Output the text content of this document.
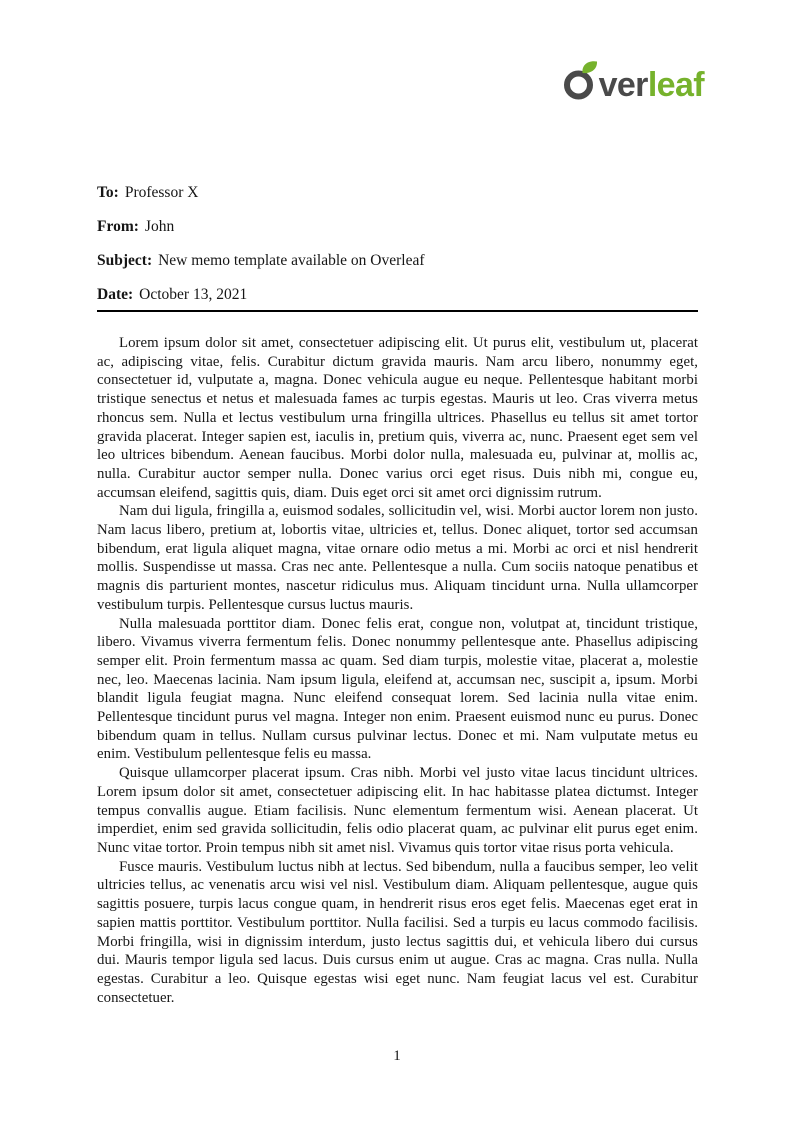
verleaf

To: Professor X

From: John

Subject: New memo template available on Overleaf

Date: October 13, 2021

Lorem ipsum dolor sit amet, consectetuer adipiscing elit. Ut purus elit, vestibulum ut, placerat ac, adipiscing vitae, felis. Curabitur dictum gravida mauris. Nam arcu libero, nonummy eget, consectetuer id, vulputate a, magna. Donec vehicula augue eu neque. Pellentesque habitant morbi tristique senectus et netus et malesuada fames ac turpis egestas. Mauris ut leo. Cras viverra metus rhoncus sem. Nulla et lectus vestibulum urna fringilla ultrices. Phasellus eu tellus sit amet tortor gravida placerat. Integer sapien est, iaculis in, pretium quis, viverra ac, nunc. Praesent eget sem vel leo ultrices bibendum. Aenean faucibus. Morbi dolor nulla, malesuada eu, pulvinar at, mollis ac, nulla. Curabitur auctor semper nulla. Donec varius orci eget risus. Duis nibh mi, congue eu, accumsan eleifend, sagittis quis, diam. Duis eget orci sit amet orci dignissim rutrum.

Nam dui ligula, fringilla a, euismod sodales, sollicitudin vel, wisi. Morbi auctor lorem non justo. Nam lacus libero, pretium at, lobortis vitae, ultricies et, tellus. Donec aliquet, tortor sed accumsan bibendum, erat ligula aliquet magna, vitae ornare odio metus a mi. Morbi ac orci et nisl hendrerit mollis. Suspendisse ut massa. Cras nec ante. Pellentesque a nulla. Cum sociis natoque penatibus et magnis dis parturient montes, nascetur ridiculus mus. Aliquam tincidunt urna. Nulla ullamcorper vestibulum turpis. Pellentesque cursus luctus mauris.

Nulla malesuada porttitor diam. Donec felis erat, congue non, volutpat at, tincidunt tristique, libero. Vivamus viverra fermentum felis. Donec nonummy pellentesque ante. Phasellus adipiscing semper elit. Proin fermentum massa ac quam. Sed diam turpis, molestie vitae, placerat a, molestie nec, leo. Maecenas lacinia. Nam ipsum ligula, eleifend at, accumsan nec, suscipit a, ipsum. Morbi blandit ligula feugiat magna. Nunc eleifend consequat lorem. Sed lacinia nulla vitae enim. Pellentesque tincidunt purus vel magna. Integer non enim. Praesent euismod nunc eu purus. Donec bibendum quam in tellus. Nullam cursus pulvinar lectus. Donec et mi. Nam vulputate metus eu enim. Vestibulum pellentesque felis eu massa.

Quisque ullamcorper placerat ipsum. Cras nibh. Morbi vel justo vitae lacus tincidunt ultrices. Lorem ipsum dolor sit amet, consectetuer adipiscing elit. In hac habitasse platea dictumst. Integer tempus convallis augue. Etiam facilisis. Nunc elementum fermentum wisi. Aenean placerat. Ut imperdiet, enim sed gravida sollicitudin, felis odio placerat quam, ac pulvinar elit purus eget enim. Nunc vitae tortor. Proin tempus nibh sit amet nisl. Vivamus quis tortor vitae risus porta vehicula.

Fusce mauris. Vestibulum luctus nibh at lectus. Sed bibendum, nulla a faucibus semper, leo velit ultricies tellus, ac venenatis arcu wisi vel nisl. Vestibulum diam. Aliquam pellentesque, augue quis sagittis posuere, turpis lacus congue quam, in hendrerit risus eros eget felis. Maecenas eget erat in sapien mattis porttitor. Vestibulum porttitor. Nulla facilisi. Sed a turpis eu lacus commodo facilisis. Morbi fringilla, wisi in dignissim interdum, justo lectus sagittis dui, et vehicula libero dui cursus dui. Mauris tempor ligula sed lacus. Duis cursus enim ut augue. Cras ac magna. Cras nulla. Nulla egestas. Curabitur a leo. Quisque egestas wisi eget nunc. Nam feugiat lacus vel est. Curabitur consectetuer.

1
